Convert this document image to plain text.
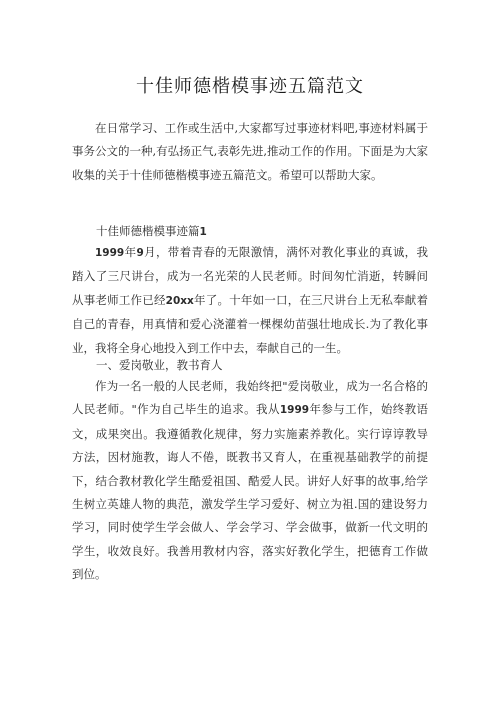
十佳师德楷模事迹五篇范文

在日常学习、工作或生活中,大家都写过事迹材料吧,事迹材料属于事务公文的一种,有弘扬正气,表彰先进,推动工作的作用。下面是为大家收集的关于十佳师德楷模事迹五篇范文。希望可以帮助大家。

十佳师德楷模事迹篇1

1999年9月，带着青春的无限激情，满怀对教化事业的真诚，我踏入了三尺讲台，成为一名光荣的人民老师。时间匆忙消逝，转瞬间从事老师工作已经20xx年了。十年如一口，在三尺讲台上无私奉献着自己的青春，用真情和爱心浇灌着一棵棵幼苗强壮地成长.为了教化事业，我将全身心地投入到工作中去，奉献自己的一生。

一、爱岗敬业，教书育人

作为一名一般的人民老师，我始终把"爱岗敬业，成为一名合格的人民老师。"作为自己毕生的追求。我从1999年参与工作，始终教语文，成果突出。我遵循教化规律，努力实施素养教化。实行谆谆教导方法，因材施教，诲人不倦，既教书又育人，在重视基础教学的前提下，结合教材教化学生酷爱祖国、酷爱人民。讲好人好事的故事,给学生树立英雄人物的典范，激发学生学习爱好、树立为祖.国的建设努力学习，同时使学生学会做人、学会学习、学会做事，做新一代文明的学生，收效良好。我善用教材内容，落实好教化学生，把德育工作做到位。
